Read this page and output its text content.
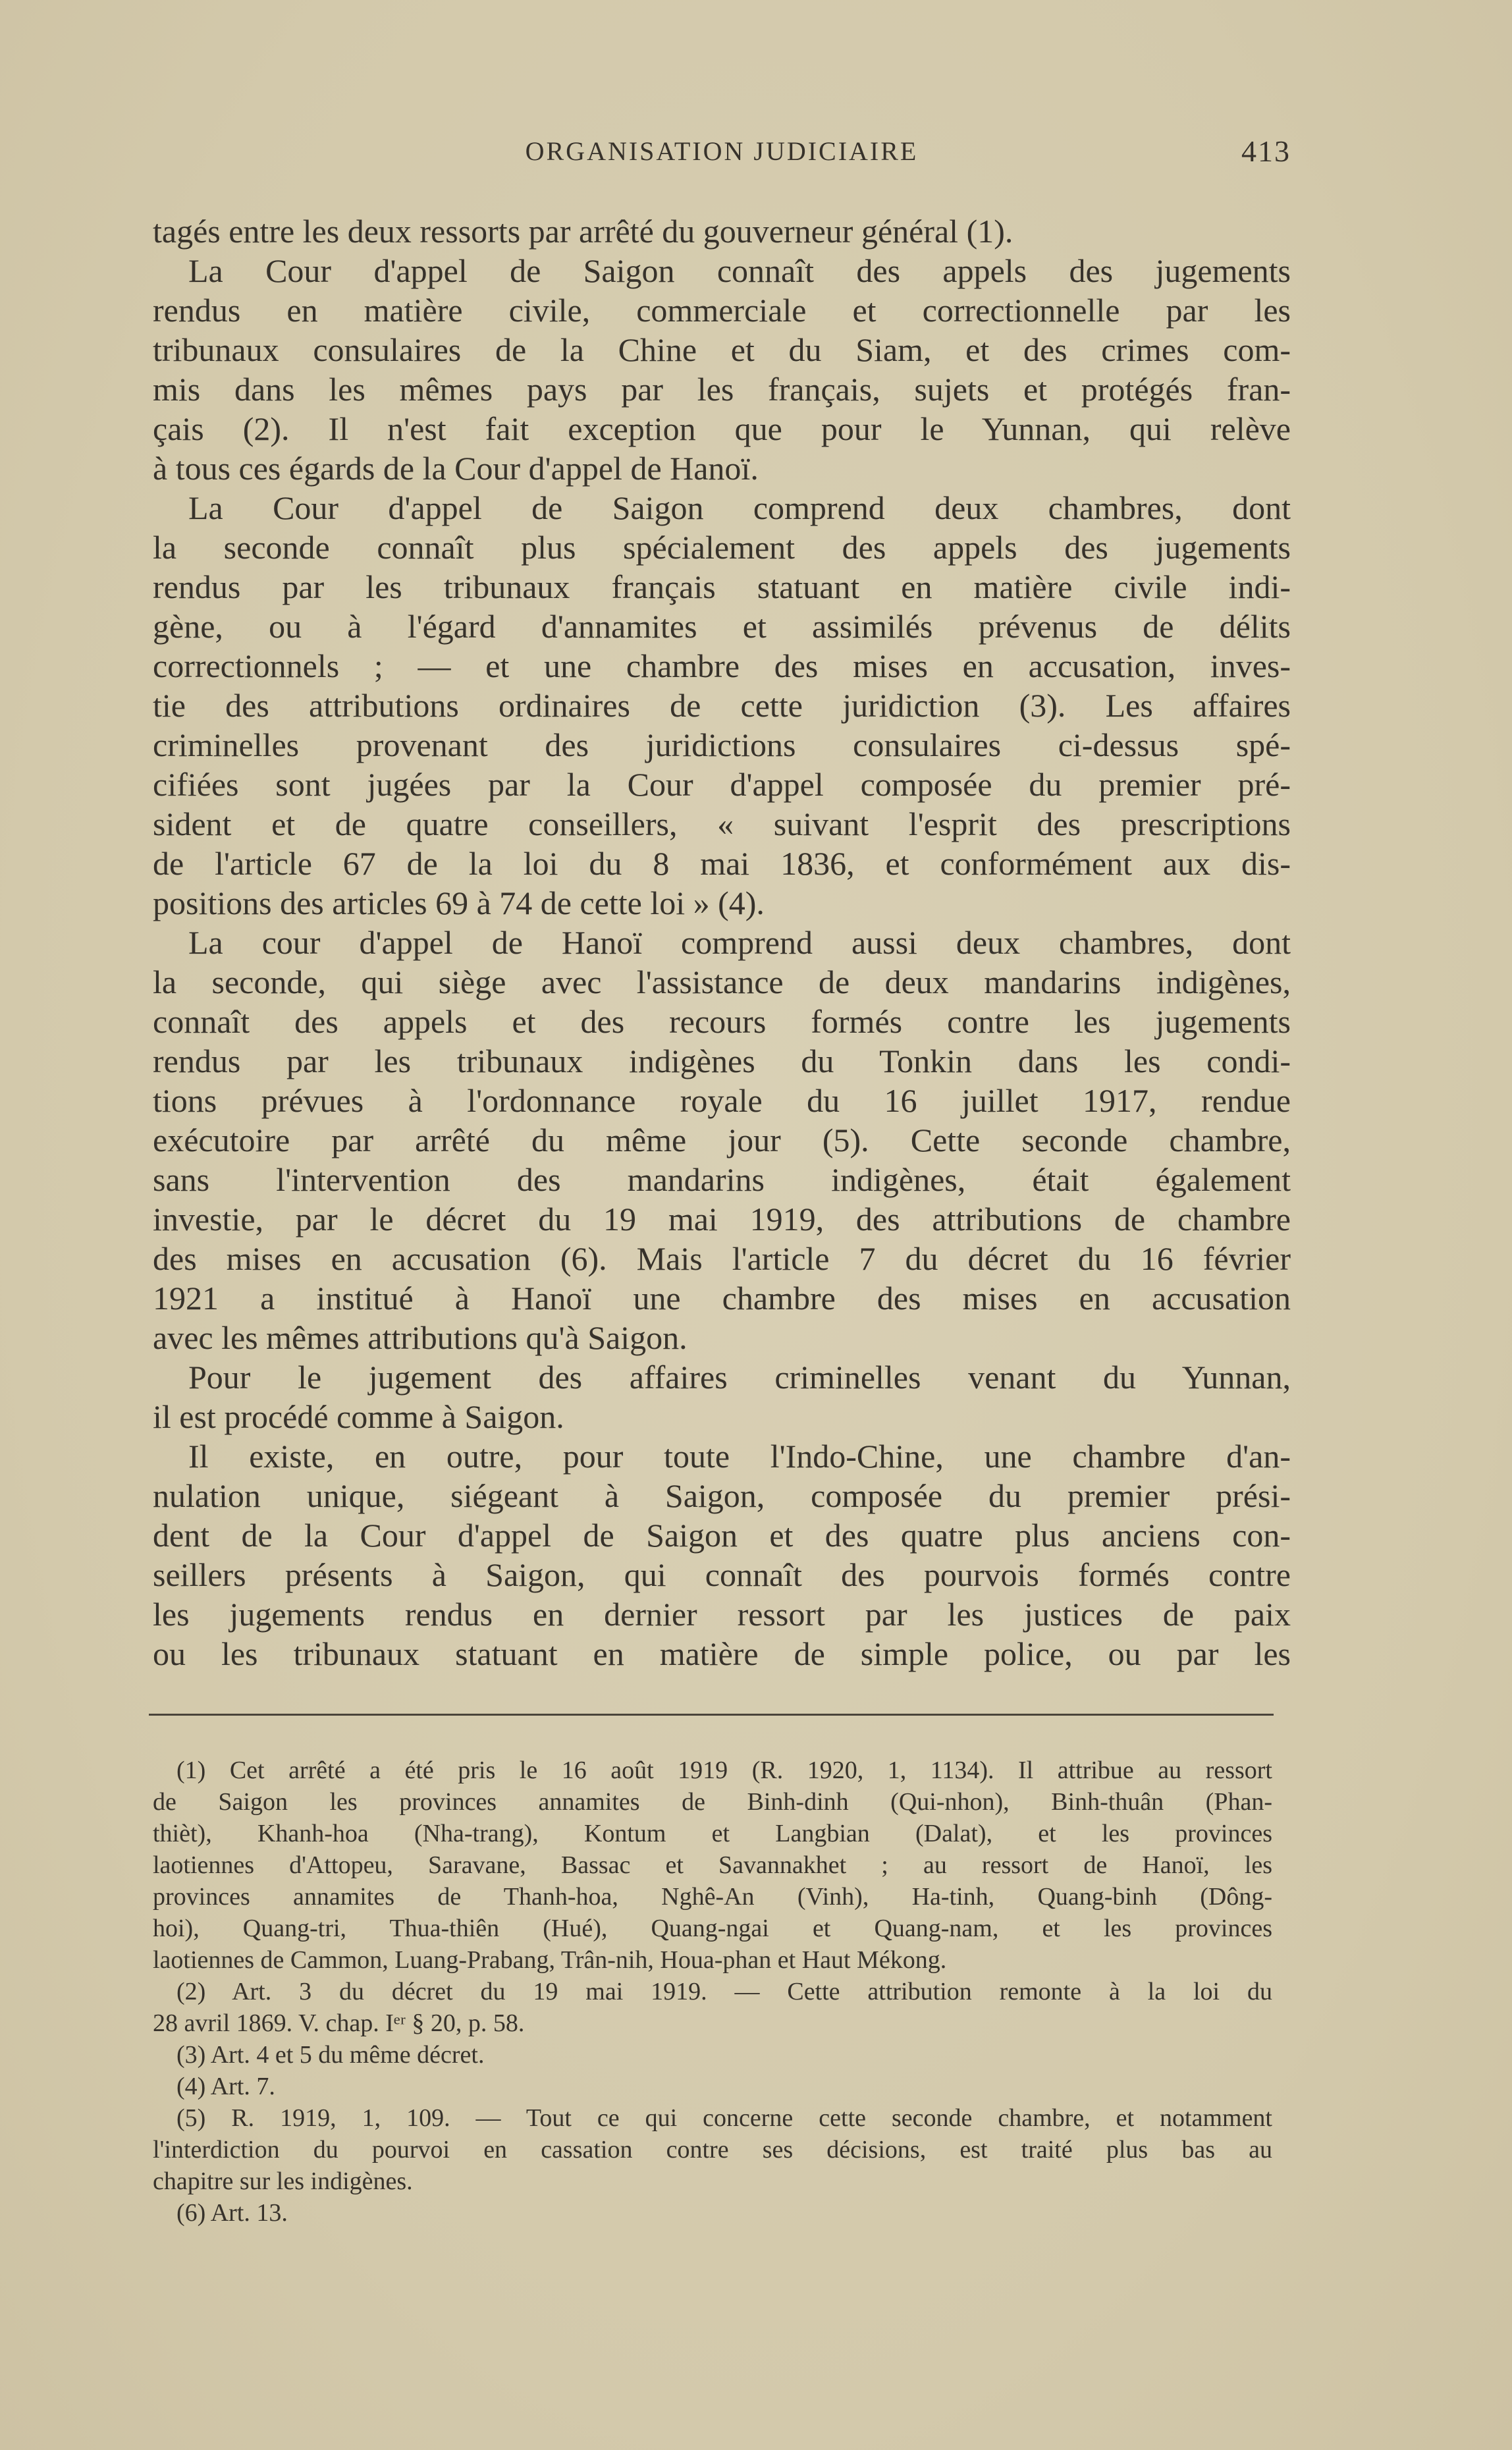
ORGANISATION JUDICIAIRE	413
tagés entre les deux ressorts par arrêté du gouverneur général (1).
La Cour d'appel de Saigon connaît des appels des jugements
rendus en matière civile, commerciale et correctionnelle par les
tribunaux consulaires de la Chine et du Siam, et des crimes com-
mis dans les mêmes pays par les français, sujets et protégés fran-
çais (2). Il n'est fait exception que pour le Yunnan, qui relève
à tous ces égards de la Cour d'appel de Hanoï.
La Cour d'appel de Saigon comprend deux chambres, dont
la seconde connaît plus spécialement des appels des jugements
rendus par les tribunaux français statuant en matière civile indi-
gène, ou à l'égard d'annamites et assimilés prévenus de délits
correctionnels ; — et une chambre des mises en accusation, inves-
tie des attributions ordinaires de cette juridiction (3). Les affaires
criminelles provenant des juridictions consulaires ci-dessus spé-
cifiées sont jugées par la Cour d'appel composée du premier pré-
sident et de quatre conseillers, « suivant l'esprit des prescriptions
de l'article 67 de la loi du 8 mai 1836, et conformément aux dis-
positions des articles 69 à 74 de cette loi » (4).
La cour d'appel de Hanoï comprend aussi deux chambres, dont
la seconde, qui siège avec l'assistance de deux mandarins indigènes,
connaît des appels et des recours formés contre les jugements
rendus par les tribunaux indigènes du Tonkin dans les condi-
tions prévues à l'ordonnance royale du 16 juillet 1917, rendue
exécutoire par arrêté du même jour (5). Cette seconde chambre,
sans l'intervention des mandarins indigènes, était également
investie, par le décret du 19 mai 1919, des attributions de chambre
des mises en accusation (6). Mais l'article 7 du décret du 16 février
1921 a institué à Hanoï une chambre des mises en accusation
avec les mêmes attributions qu'à Saigon.
Pour le jugement des affaires criminelles venant du Yunnan,
il est procédé comme à Saigon.
Il existe, en outre, pour toute l'Indo-Chine, une chambre d'an-
nulation unique, siégeant à Saigon, composée du premier prési-
dent de la Cour d'appel de Saigon et des quatre plus anciens con-
seillers présents à Saigon, qui connaît des pourvois formés contre
les jugements rendus en dernier ressort par les justices de paix
ou les tribunaux statuant en matière de simple police, ou par les
(1) Cet arrêté a été pris le 16 août 1919 (R. 1920, 1, 1134). Il attribue au ressort
de Saigon les provinces annamites de Binh-dinh (Qui-nhon), Binh-thuân (Phan-
thièt), Khanh-hoa (Nha-trang), Kontum et Langbian (Dalat), et les provinces
laotiennes d'Attopeu, Saravane, Bassac et Savannakhet ; au ressort de Hanoï, les
provinces annamites de Thanh-hoa, Nghê-An (Vinh), Ha-tinh, Quang-binh (Dông-
hoi), Quang-tri, Thua-thiên (Hué), Quang-ngai et Quang-nam, et les provinces
laotiennes de Cammon, Luang-Prabang, Trân-nih, Houa-phan et Haut Mékong.
(2) Art. 3 du décret du 19 mai 1919. — Cette attribution remonte à la loi du
28 avril 1869. V. chap. Iᵉʳ § 20, p. 58.
(3) Art. 4 et 5 du même décret.
(4) Art. 7.
(5) R. 1919, 1, 109. — Tout ce qui concerne cette seconde chambre, et notamment
l'interdiction du pourvoi en cassation contre ses décisions, est traité plus bas au
chapitre sur les indigènes.
(6) Art. 13.
